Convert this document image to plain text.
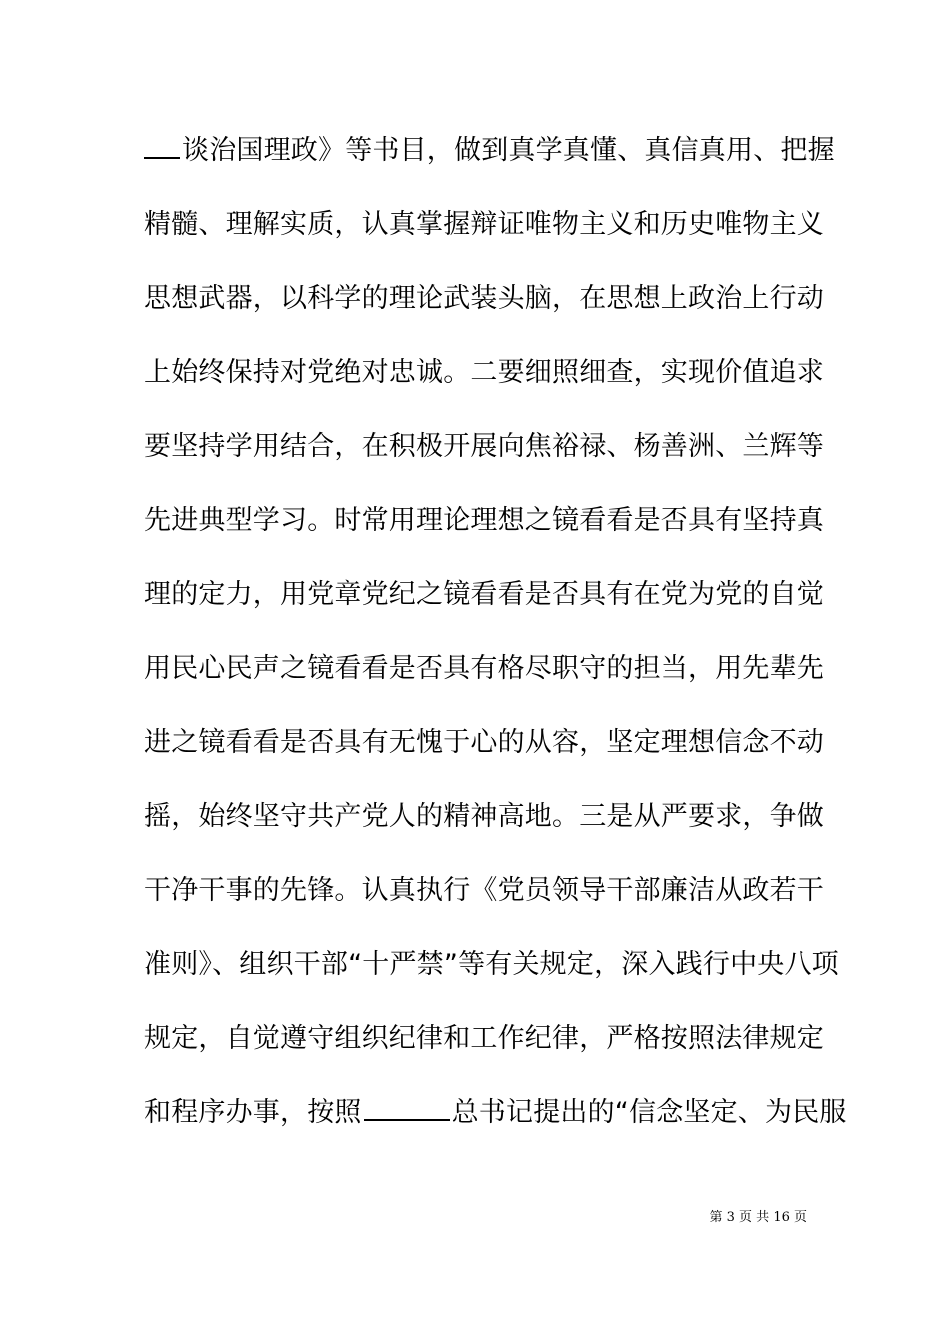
谈治国理政》等书目，做到真学真懂、真信真用、把握
精髓、理解实质，认真掌握辩证唯物主义和历史唯物主义
思想武器，以科学的理论武装头脑，在思想上政治上行动
上始终保持对党绝对忠诚。二要细照细查，实现价值追求
要坚持学用结合，在积极开展向焦裕禄、杨善洲、兰辉等
先进典型学习。时常用理论理想之镜看看是否具有坚持真
理的定力，用党章党纪之镜看看是否具有在党为党的自觉
用民心民声之镜看看是否具有格尽职守的担当，用先辈先
进之镜看看是否具有无愧于心的从容，坚定理想信念不动
摇，始终坚守共产党人的精神高地。三是从严要求，争做
干净干事的先锋。认真执行《党员领导干部廉洁从政若干
准则》、组织干部“十严禁”等有关规定，深入践行中央八项
规定，自觉遵守组织纪律和工作纪律，严格按照法律规定
和程序办事，按照	总书记提出的“信念坚定、为民服
第 3 页 共 16 页
